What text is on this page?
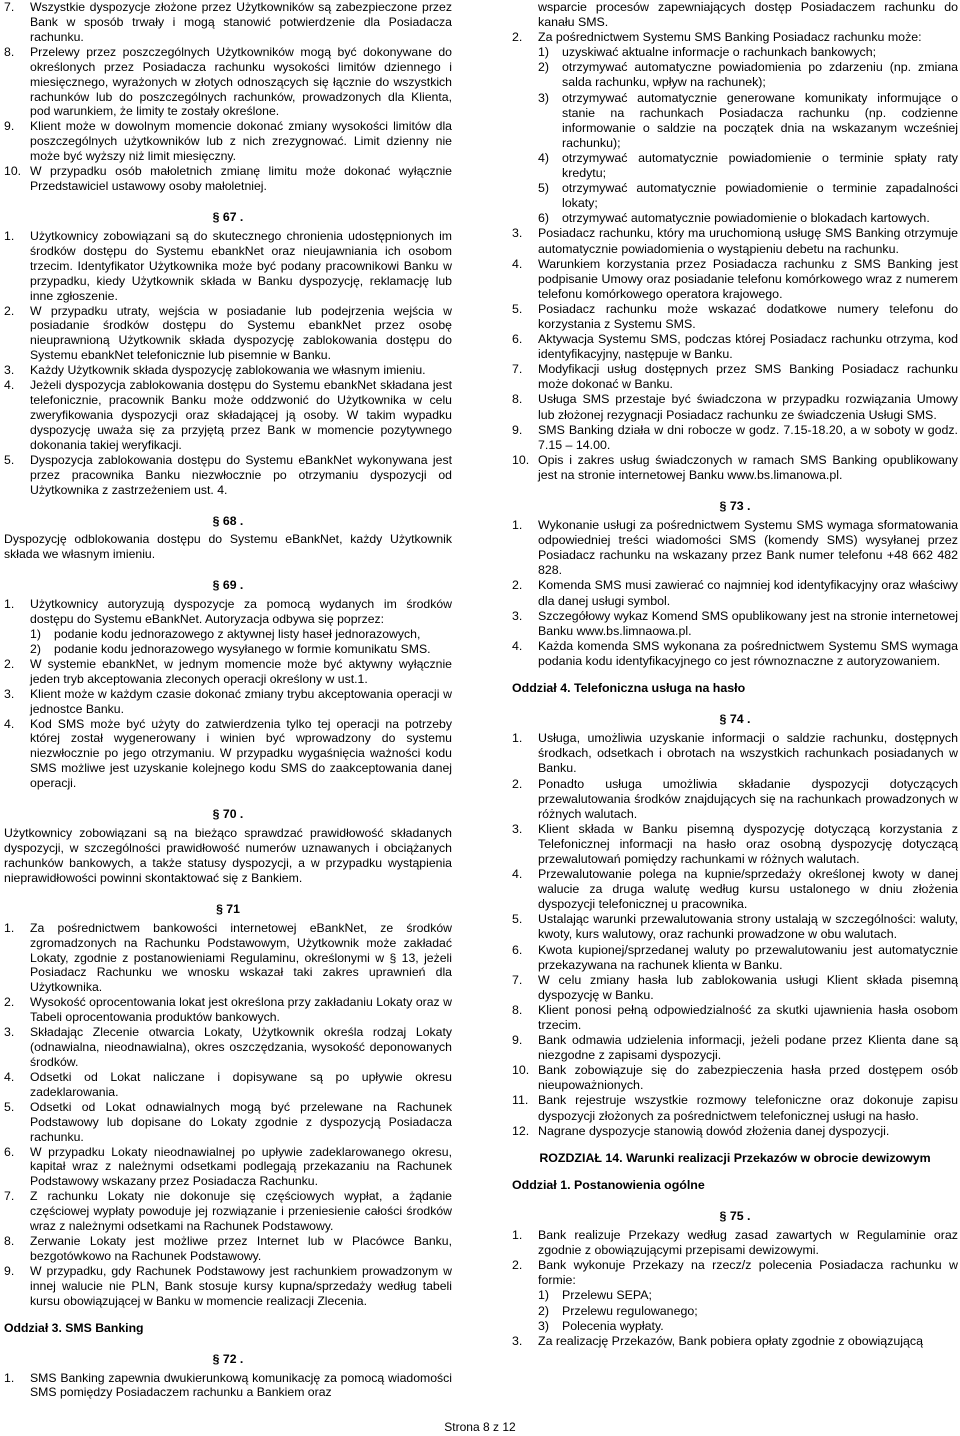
7.	Wszystkie dyspozycje złożone przez Użytkowników są zabezpieczone przez Bank w sposób trwały i mogą stanowić potwierdzenie dla Posiadacza rachunku.
8.	Przelewy przez poszczególnych Użytkowników mogą być dokonywane do określonych przez Posiadacza rachunku wysokości limitów dziennego i miesięcznego, wyrażonych w złotych odnoszących się łącznie do wszystkich rachunków lub do poszczególnych rachunków, prowadzonych dla Klienta, pod warunkiem, że limity te zostały określone.
9.	Klient może w dowolnym momencie dokonać zmiany wysokości limitów dla poszczególnych użytkowników lub z nich zrezygnować. Limit dzienny nie może być wyższy niż limit miesięczny.
10. W przypadku osób małoletnich zmianę limitu może dokonać wyłącznie Przedstawiciel ustawowy osoby małoletniej.
§ 67 .
1.	Użytkownicy zobowiązani są do skutecznego chronienia udostępnionych im środków dostępu do Systemu ebankNet oraz nieujawniania ich osobom trzecim. Identyfikator Użytkownika może być podany pracownikowi Banku w przypadku, kiedy Użytkownik składa w Banku dyspozycję, reklamację lub inne zgłoszenie.
2.	W przypadku utraty, wejścia w posiadanie lub podejrzenia wejścia w posiadanie środków dostępu do Systemu ebankNet przez osobę nieuprawnioną Użytkownik składa dyspozycję zablokowania dostępu do Systemu ebankNet telefonicznie lub pisemnie w Banku.
3.	Każdy Użytkownik składa dyspozycję zablokowania we własnym imieniu.
4.	Jeżeli dyspozycja zablokowania dostępu do Systemu ebankNet składana jest telefonicznie, pracownik Banku może oddzwonić do Użytkownika w celu zweryfikowania dyspozycji oraz składającej ją osoby. W takim wypadku dyspozycję uważa się za przyjętą przez Bank w momencie pozytywnego dokonania takiej weryfikacji.
5.	Dyspozycja zablokowania dostępu do Systemu eBankNet wykonywana jest przez pracownika Banku niezwłocznie po otrzymaniu dyspozycji od Użytkownika z zastrzeżeniem ust. 4.
§ 68 .
Dyspozycję odblokowania dostępu do Systemu eBankNet, każdy Użytkownik składa we własnym imieniu.
§ 69 .
1.	Użytkownicy autoryzują dyspozycje za pomocą wydanych im środków dostępu do Systemu eBankNet. Autoryzacja odbywa się poprzez:
1)	podanie kodu jednorazowego z aktywnej listy haseł jednorazowych,
2)	podanie kodu jednorazowego wysyłanego w formie komunikatu SMS.
2.	W systemie ebankNet, w jednym momencie może być aktywny wyłącznie jeden tryb akceptowania zleconych operacji określony w ust.1.
3.	Klient może w każdym czasie dokonać zmiany trybu akceptowania operacji w jednostce Banku.
4.	Kod SMS może być użyty do zatwierdzenia tylko tej operacji na potrzeby której został wygenerowany i winien być wprowadzony do systemu niezwłocznie po jego otrzymaniu. W przypadku wygaśnięcia ważności kodu SMS możliwe jest uzyskanie kolejnego kodu SMS do zaakceptowania danej operacji.
§ 70 .
Użytkownicy zobowiązani są na bieżąco sprawdzać prawidłowość składanych dyspozycji, w szczególności prawidłowość numerów uznawanych i obciążanych rachunków bankowych, a także statusy dyspozycji, a w przypadku wystąpienia nieprawidłowości powinni skontaktować się z Bankiem.
§ 71
1.	Za pośrednictwem bankowości internetowej eBankNet, ze środków zgromadzonych na Rachunku Podstawowym, Użytkownik może zakładać Lokaty, zgodnie z postanowieniami Regulaminu, określonymi w § 13, jeżeli Posiadacz Rachunku we wnosku wskazał taki zakres uprawnień dla Użytkownika.
2.	Wysokość oprocentowania lokat jest określona przy zakładaniu Lokaty oraz w Tabeli oprocentowania produktów bankowych.
3.	Składając Zlecenie otwarcia Lokaty, Użytkownik określa rodzaj Lokaty (odnawialna, nieodnawialna), okres oszczędzania, wysokość deponowanych środków.
4.	Odsetki od Lokat naliczane i dopisywane są po upływie okresu zadeklarowania.
5.	Odsetki od Lokat odnawialnych mogą być przelewane na Rachunek Podstawowy lub dopisane do Lokaty zgodnie z dyspozycją Posiadacza rachunku.
6.	W przypadku Lokaty nieodnawialnej po upływie zadeklarowanego okresu, kapitał wraz z należnymi odsetkami podlegają przekazaniu na Rachunek Podstawowy wskazany przez Posiadacza Rachunku.
7.	Z rachunku Lokaty nie dokonuje się częściowych wypłat, a żądanie częściowej wypłaty powoduje jej rozwiązanie i przeniesienie całości środków wraz z należnymi odsetkami na Rachunek Podstawowy.
8.	Zerwanie Lokaty jest możliwe przez Internet lub w Placówce Banku, bezgotówkowo na Rachunek Podstawowy.
9.	W przypadku, gdy Rachunek Podstawowy jest rachunkiem prowadzonym w innej walucie nie PLN, Bank stosuje kursy kupna/sprzedaży według tabeli kursu obowiązującej w Banku w momencie realizacji Zlecenia.
Oddział 3. SMS Banking
§ 72 .
1.	SMS Banking zapewnia dwukierunkową komunikację za pomocą wiadomości SMS pomiędzy Posiadaczem rachunku a Bankiem oraz
wsparcie procesów zapewniających dostęp Posiadaczem rachunku do kanału SMS.
2.	Za pośrednictwem Systemu SMS Banking Posiadacz rachunku może:
1)	uzyskiwać aktualne informacje o rachunkach bankowych;
2)	otrzymywać automatyczne powiadomienia po zdarzeniu (np. zmiana salda rachunku, wpływ na rachunek);
3)	otrzymywać automatycznie generowane komunikaty informujące o stanie na rachunkach Posiadacza rachunku (np. codzienne informowanie o saldzie na początek dnia na wskazanym wcześniej rachunku);
4)	otrzymywać automatycznie powiadomienie o terminie spłaty raty kredytu;
5)	otrzymywać automatycznie powiadomienie o terminie zapadalności lokaty;
6)	otrzymywać automatycznie powiadomienie o blokadach kartowych.
3.	Posiadacz rachunku, który ma uruchomioną usługę SMS Banking otrzymuje automatycznie powiadomienia o wystąpieniu debetu na rachunku.
4.	Warunkiem korzystania przez Posiadacza rachunku z SMS Banking jest podpisanie Umowy oraz posiadanie telefonu komórkowego wraz z numerem telefonu komórkowego operatora krajowego.
5.	Posiadacz rachunku może wskazać dodatkowe numery telefonu do korzystania z Systemu SMS.
6.	Aktywacja Systemu SMS, podczas której Posiadacz rachunku otrzyma, kod identyfikacyjny, następuje w Banku.
7.	Modyfikacji usług dostępnych przez SMS Banking Posiadacz rachunku może dokonać w Banku.
8.	Usługa SMS przestaje być świadczona w przypadku rozwiązania Umowy lub złożonej rezygnacji Posiadacz rachunku ze świadczenia Usługi SMS.
9.	SMS Banking działa w dni robocze w godz. 7.15-18.20, a w soboty w godz. 7.15 – 14.00.
10. Opis i zakres usług świadczonych w ramach SMS Banking opublikowany jest na stronie internetowej Banku www.bs.limanowa.pl.
§ 73 .
1.	Wykonanie usługi za pośrednictwem Systemu SMS wymaga sformatowania odpowiedniej treści wiadomości SMS (komendy SMS) wysyłanej przez Posiadacz rachunku na wskazany przez Bank numer telefonu +48 662 482 828.
2.	Komenda SMS musi zawierać co najmniej kod identyfikacyjny oraz właściwy dla danej usługi symbol.
3.	Szczegółowy wykaz Komend SMS opublikowany jest na stronie internetowej Banku www.bs.limnaowa.pl.
4.	Każda komenda SMS wykonana za pośrednictwem Systemu SMS wymaga podania kodu identyfikacyjnego co jest równoznaczne z autoryzowaniem.
Oddział 4. Telefoniczna usługa na hasło
§ 74 .
1.	Usługa, umożliwia uzyskanie informacji o saldzie rachunku, dostępnych środkach, odsetkach i obrotach na wszystkich rachunkach posiadanych w Banku.
2.	Ponadto usługa umożliwia składanie dyspozycji dotyczących przewalutowania środków znajdujących się na rachunkach prowadzonych w różnych walutach.
3.	Klient składa w Banku pisemną dyspozycję dotyczącą korzystania z Telefonicznej informacji na hasło oraz osobną dyspozycję dotyczącą przewalutowań pomiędzy rachunkami w różnych walutach.
4.	Przewalutowanie polega na kupnie/sprzedaży określonej kwoty w danej walucie za druga walutę według kursu ustalonego w dniu złożenia dyspozycji telefonicznej u pracownika.
5.	Ustalając warunki przewalutowania strony ustalają w szczególności: waluty, kwoty, kurs walutowy, oraz rachunki prowadzone w obu walutach.
6.	Kwota kupionej/sprzedanej waluty po przewalutowaniu jest automatycznie przekazywana na rachunek klienta w Banku.
7.	W celu zmiany hasła lub zablokowania usługi Klient składa pisemną dyspozycję w Banku.
8.	Klient ponosi pełną odpowiedzialność za skutki ujawnienia hasła osobom trzecim.
9.	Bank odmawia udzielenia informacji, jeżeli podane przez Klienta dane są niezgodne z zapisami dyspozycji.
10. Bank zobowiązuje się do zabezpieczenia hasła przed dostępem osób nieupoważnionych.
11. Bank rejestruje wszystkie rozmowy telefoniczne oraz dokonuje zapisu dyspozycji złożonych za pośrednictwem telefonicznej usługi na hasło.
12. Nagrane dyspozycje stanowią dowód złożenia danej dyspozycji.
ROZDZIAŁ 14. Warunki realizacji Przekazów w obrocie dewizowym
Oddział 1. Postanowienia ogólne
§ 75 .
1.	Bank realizuje Przekazy według zasad zawartych w Regulaminie oraz zgodnie z obowiązującymi przepisami dewizowymi.
2.	Bank wykonuje Przekazy na rzecz/z polecenia Posiadacza rachunku w formie:
1)	Przelewu SEPA;
2)	Przelewu regulowanego;
3)	Polecenia wypłaty.
3.	Za realizację Przekazów, Bank pobiera opłaty zgodnie z obowiązującą
Strona 8 z 12
